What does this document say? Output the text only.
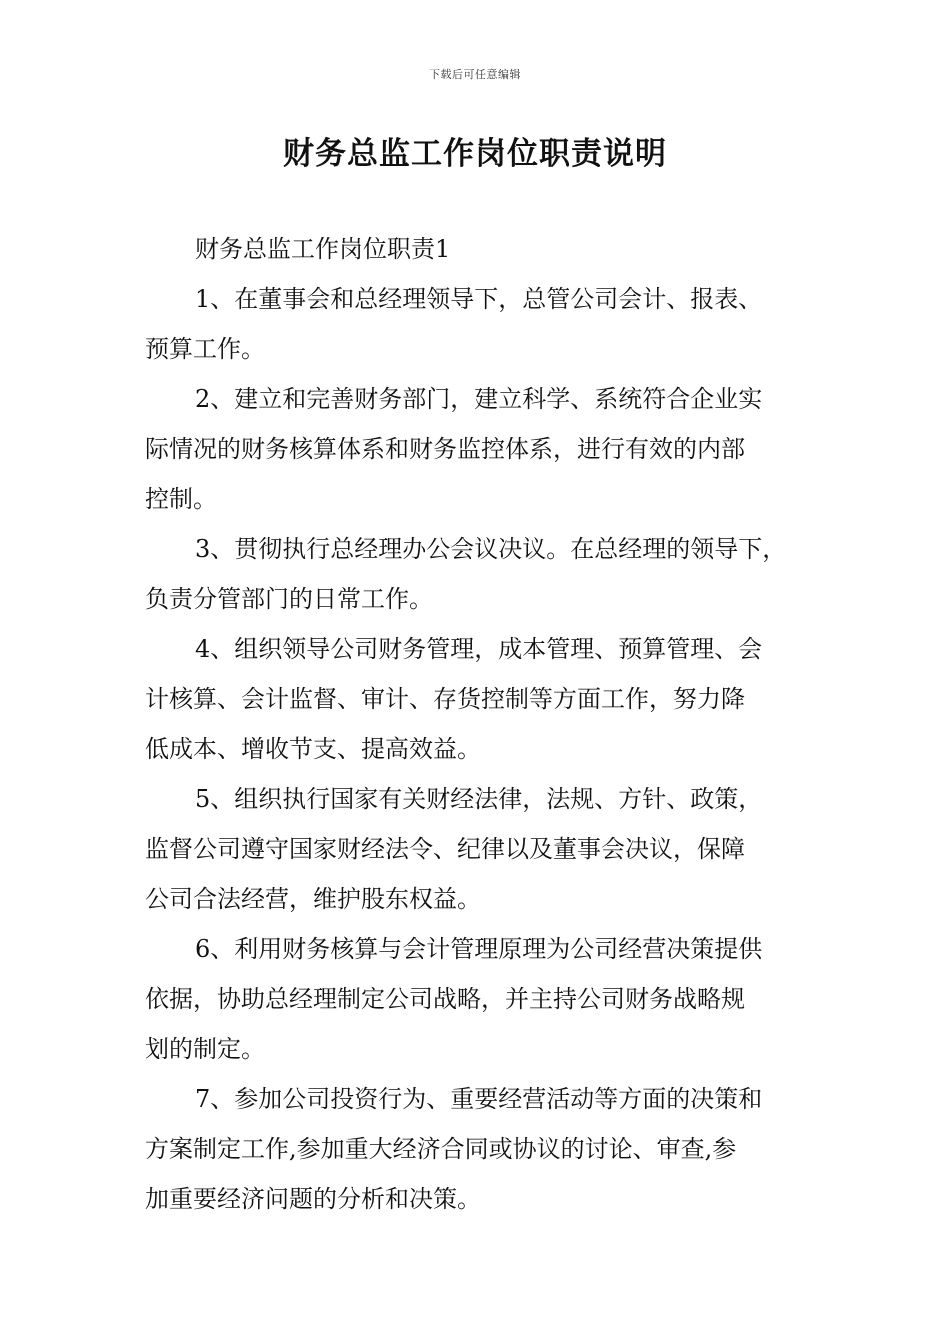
下载后可任意编辑
财务总监工作岗位职责说明

财务总监工作岗位职责1

1、在董事会和总经理领导下，总管公司会计、报表、
预算工作。

2、建立和完善财务部门，建立科学、系统符合企业实
际情况的财务核算体系和财务监控体系，进行有效的内部
控制。

3、贯彻执行总经理办公会议决议。在总经理的领导下，
负责分管部门的日常工作。

4、组织领导公司财务管理，成本管理、预算管理、会
计核算、会计监督、审计、存货控制等方面工作，努力降
低成本、增收节支、提高效益。

5、组织执行国家有关财经法律，法规、方针、政策，
监督公司遵守国家财经法令、纪律以及董事会决议，保障
公司合法经营，维护股东权益。

6、利用财务核算与会计管理原理为公司经营决策提供
依据，协助总经理制定公司战略，并主持公司财务战略规
划的制定。

7、参加公司投资行为、重要经营活动等方面的决策和
方案制定工作,参加重大经济合同或协议的讨论、审查,参
加重要经济问题的分析和决策。
